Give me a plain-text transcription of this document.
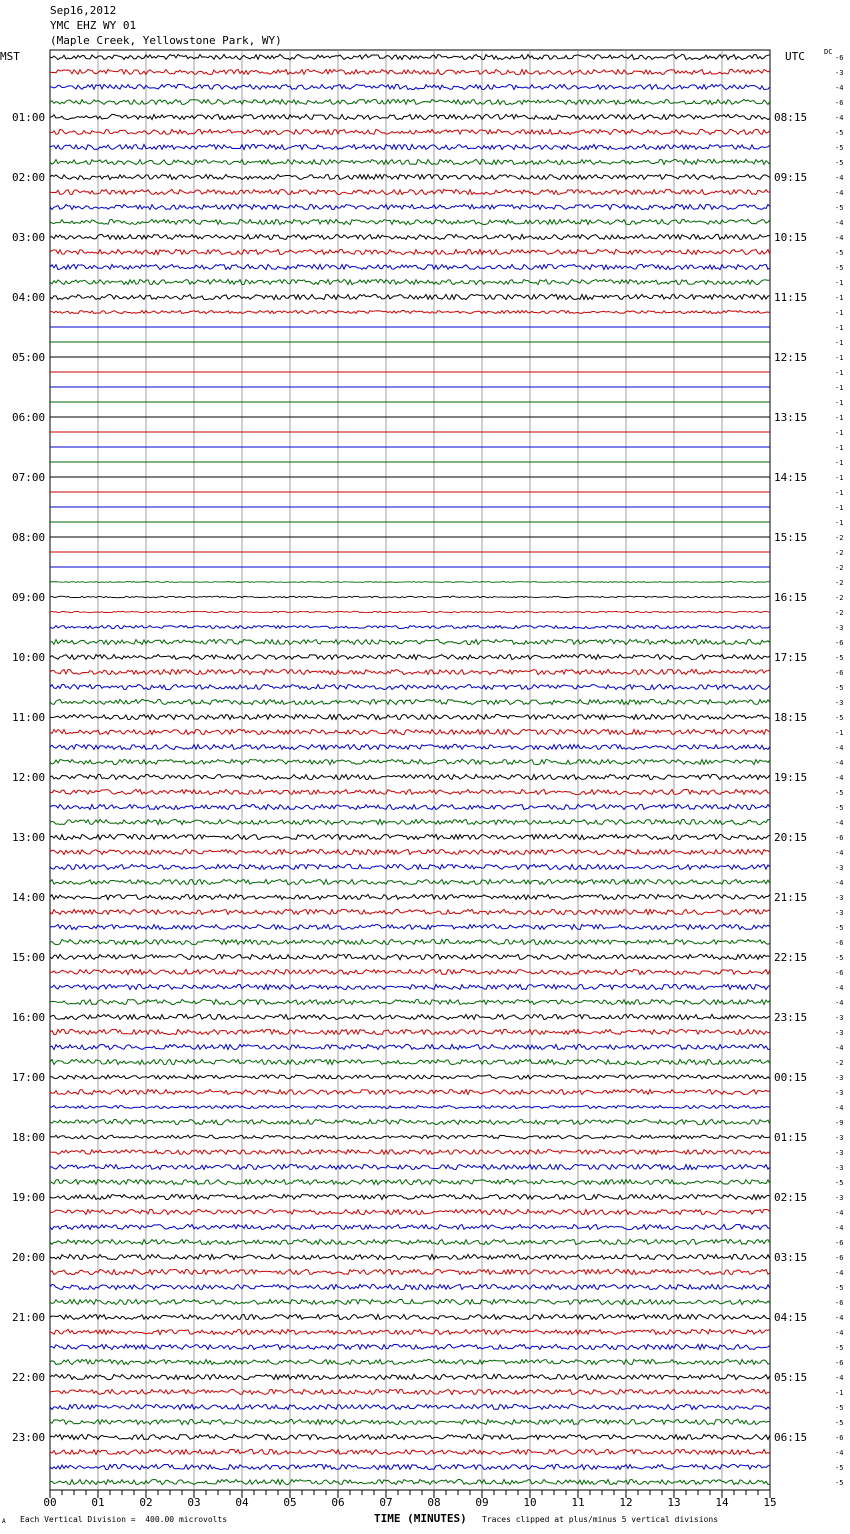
Sep16,2012
YMC EHZ WY 01
(Maple Creek, Yellowstone Park, WY)
MST	UTC	DC
-6
-3
-4
-6
-4
-5
-5
-5
-4
-4
-5
-4
-4
-5
-5
-1
-1
-1
-1
-1
-1
-1
-1
-1
-1
-1
-1
-1
-1
-1
-1
-1
-2
-2
-2
-2
-2
-2
-3
-6
-5
-6
-5
-3
-5
-1
-4
-4
-4
-5
-5
-4
-6
-4
-3
-4
-3
-3
-5
-6
-5
-6
-4
-4
-3
-3
-4
-2
-3
-3
-4
-9
-3
-3
-3
-5
-3
-4
-4
-6
-6
-4
-5
-6
-4
-4
-5
-6
-4
-1
-5
-5
-6
-4
-5
-5
01:00
02:00
03:00
04:00
05:00
06:00
07:00
08:00
09:00
10:00
11:00
12:00
13:00
14:00
15:00
16:00
17:00
18:00
19:00
20:00
21:00
22:00
23:00
08:15
09:15
10:15
11:15
12:15
13:15
14:15
15:15
16:15
17:15
18:15
19:15
20:15
21:15
22:15
23:15
00:15
01:15
02:15
03:15
04:15
05:15
06:15
00	01	02	03	04	05	06	07	08	09	10	11	12	13	14	15
TIME (MINUTES)
Each Vertical Division =  400.00 microvolts	Traces clipped at plus/minus 5 vertical divisions
A
